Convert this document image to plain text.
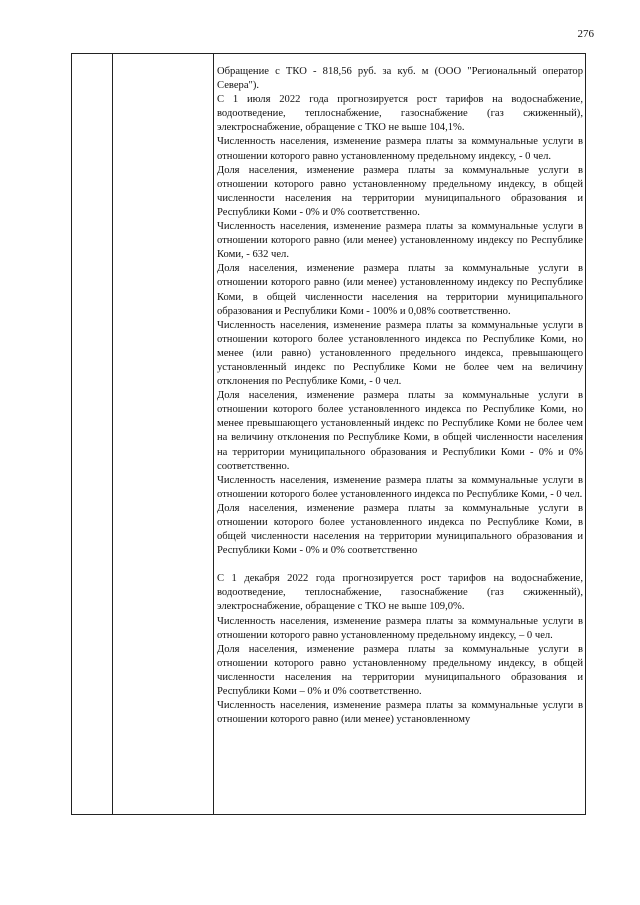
276

Обращение с ТКО - 818,56 руб. за куб. м (ООО "Региональный оператор Севера").

С 1 июля 2022 года прогнозируется рост тарифов на водоснабжение, водоотведение, теплоснабжение, газоснабжение (газ сжиженный), электроснабжение, обращение с ТКО не выше 104,1%.

Численность населения, изменение размера платы за коммунальные услуги в отношении которого равно установленному предельному индексу, - 0 чел.

Доля населения, изменение размера платы за коммунальные услуги в отношении которого равно установленному предельному индексу, в общей численности населения на территории муниципального образования и Республики Коми - 0% и 0% соответственно.

Численность населения, изменение размера платы за коммунальные услуги в отношении которого равно (или менее) установленному индексу по Республике Коми, - 632 чел.

Доля населения, изменение размера платы за коммунальные услуги в отношении которого равно (или менее) установленному индексу по Республике Коми, в общей численности населения на территории муниципального образования и Республики Коми - 100% и 0,08% соответственно.

Численность населения, изменение размера платы за коммунальные услуги в отношении которого более установленного индекса по Республике Коми, но менее (или равно) установленного предельного индекса, превышающего установленный индекс по Республике Коми не более чем на величину отклонения по Республике Коми, - 0 чел.

Доля населения, изменение размера платы за коммунальные услуги в отношении которого более установленного индекса по Республике Коми, но менее превышающего установленный индекс по Республике Коми не более чем на величину отклонения по Республике Коми, в общей численности населения на территории муниципального образования и Республики Коми - 0% и 0% соответственно.

Численность населения, изменение размера платы за коммунальные услуги в отношении которого более установленного индекса по Республике Коми, - 0 чел.

Доля населения, изменение размера платы за коммунальные услуги в отношении которого более установленного индекса по Республике Коми, в общей численности населения на территории муниципального образования и Республики Коми - 0% и 0% соответственно

С 1 декабря 2022 года прогнозируется рост тарифов на водоснабжение, водоотведение, теплоснабжение, газоснабжение (газ сжиженный), электроснабжение, обращение с ТКО не выше 109,0%.

Численность населения, изменение размера платы за коммунальные услуги в отношении которого равно установленному предельному индексу, – 0 чел.

Доля населения, изменение размера платы за коммунальные услуги в отношении которого равно установленному предельному индексу, в общей численности населения на территории муниципального образования и Республики Коми – 0% и 0% соответственно.

Численность населения, изменение размера платы за коммунальные услуги в отношении которого равно (или менее) установленному
